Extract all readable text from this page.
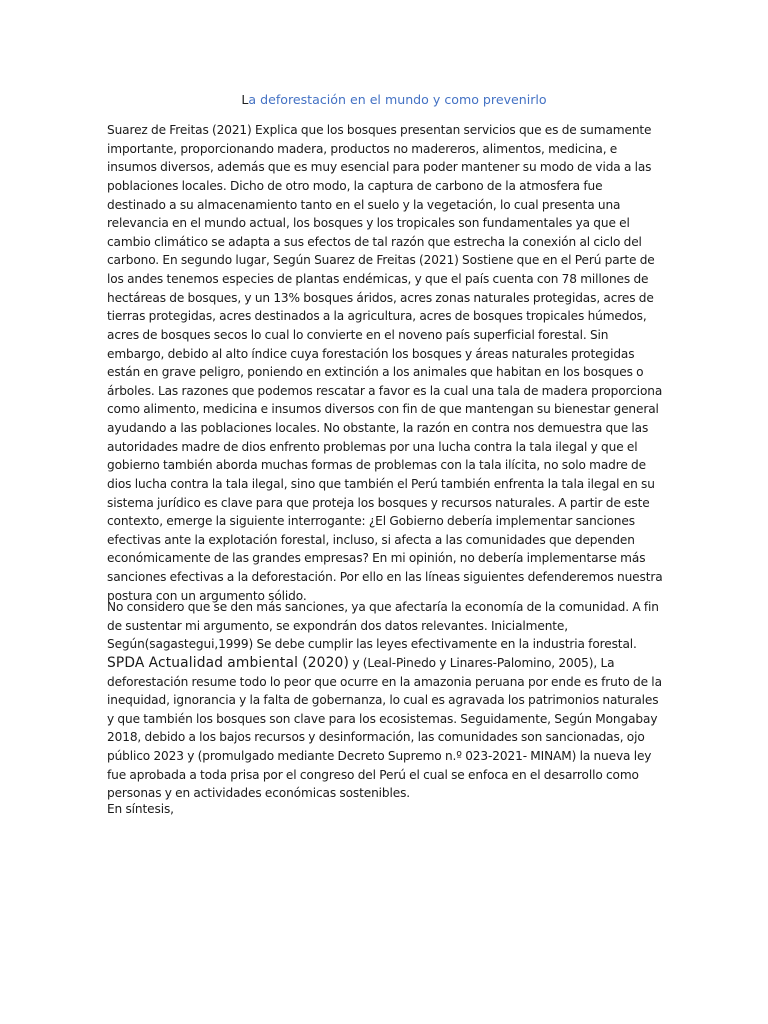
La deforestación en el mundo y como prevenirlo

Suarez de Freitas (2021) Explica que los bosques presentan servicios que es de sumamente importante, proporcionando madera, productos no madereros, alimentos, medicina, e insumos diversos, además que es muy esencial para poder mantener su modo de vida a las poblaciones locales. Dicho de otro modo, la captura de carbono de la atmosfera fue destinado a su almacenamiento tanto en el suelo y la vegetación, lo cual presenta una relevancia en el mundo actual, los bosques y los tropicales son fundamentales ya que el cambio climático se adapta a sus efectos de tal razón que estrecha la conexión al ciclo del carbono. En segundo lugar, Según Suarez de Freitas (2021) Sostiene que en el Perú parte de los andes tenemos especies de plantas endémicas, y que el país cuenta con 78 millones de hectáreas de bosques, y un 13% bosques áridos, acres zonas naturales protegidas, acres de tierras protegidas, acres destinados a la agricultura, acres de bosques tropicales húmedos, acres de bosques secos lo cual lo convierte en el noveno país superficial forestal. Sin embargo, debido al alto índice cuya forestación los bosques y áreas naturales protegidas están en grave peligro, poniendo en extinción a los animales que habitan en los bosques o árboles. Las razones que podemos rescatar a favor es la cual una tala de madera proporciona como alimento, medicina e insumos diversos con fin de que mantengan su bienestar general ayudando a las poblaciones locales. No obstante, la razón en contra nos demuestra que las autoridades madre de dios enfrento problemas por una lucha contra la tala ilegal y que el gobierno también aborda muchas formas de problemas con la tala ilícita, no solo madre de dios lucha contra la tala ilegal, sino que también el Perú también enfrenta la tala ilegal en su sistema jurídico es clave para que proteja los bosques y recursos naturales. A partir de este contexto, emerge la siguiente interrogante: ¿El Gobierno debería implementar sanciones efectivas ante la explotación forestal, incluso, si afecta a las comunidades que dependen económicamente de las grandes empresas? En mi opinión, no debería implementarse más sanciones efectivas a la deforestación. Por ello en las líneas siguientes defenderemos nuestra postura con un argumento sólido.

No considero que se den más sanciones, ya que afectaría la economía de la comunidad. A fin de sustentar mi argumento, se expondrán dos datos relevantes. Inicialmente, Según(sagastegui,1999) Se debe cumplir las leyes efectivamente en la industria forestal. SPDA Actualidad ambiental (2020) y (Leal-Pinedo y Linares-Palomino, 2005), La deforestación resume todo lo peor que ocurre en la amazonia peruana por ende es fruto de la inequidad, ignorancia y la falta de gobernanza, lo cual es agravada los patrimonios naturales y que también los bosques son clave para los ecosistemas. Seguidamente, Según Mongabay 2018, debido a los bajos recursos y desinformación, las comunidades son sancionadas, ojo público 2023 y (promulgado mediante Decreto Supremo n.º 023-2021- MINAM) la nueva ley fue aprobada a toda prisa por el congreso del Perú el cual se enfoca en el desarrollo como personas y en actividades económicas sostenibles.

En síntesis,
